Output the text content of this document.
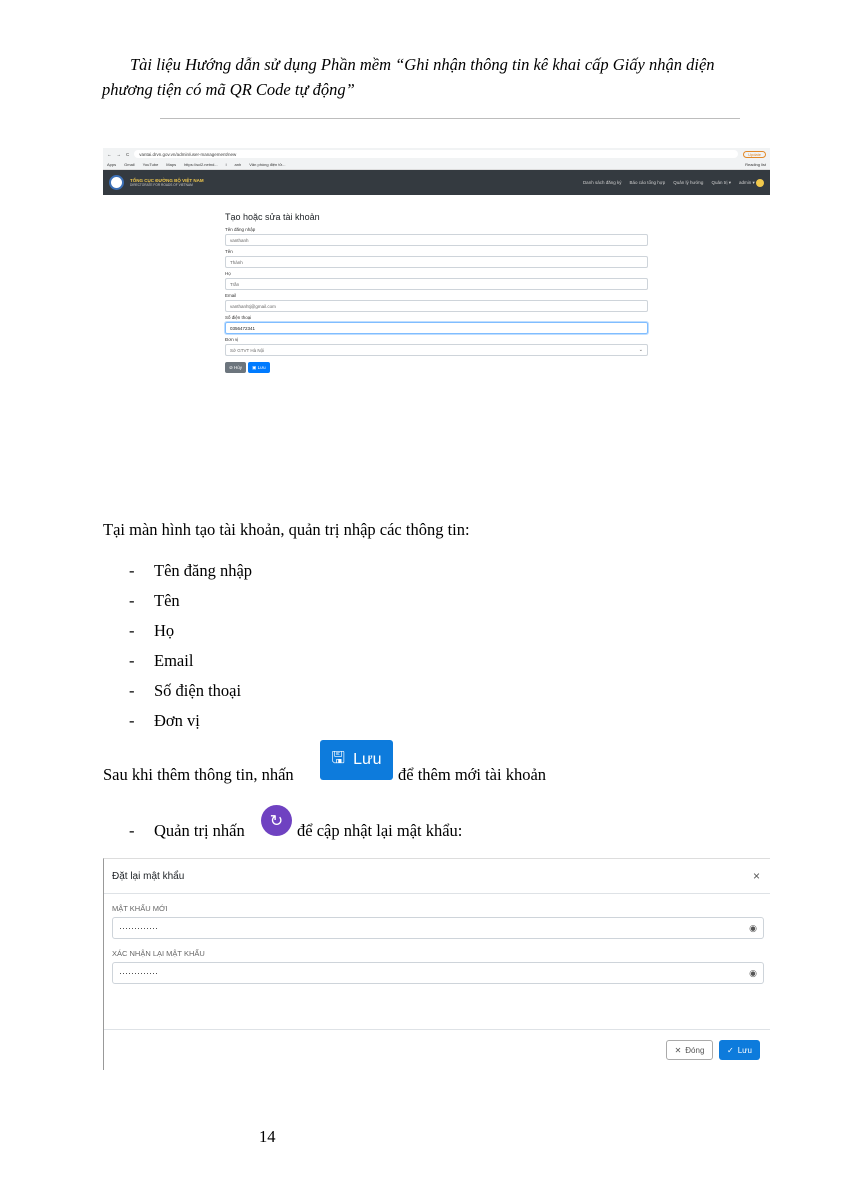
Tài liệu Hướng dẫn sử dụng Phần mềm “Ghi nhận thông tin kê khai cấp Giấy nhận diện phương tiện có mã QR Code tự động”
← → C	vantai.drvn.gov.vn/admin/user-management/new	Update
Apps Gmail YouTube Maps https://scl2.netnd... l anh Văn phòng điện tử...	Reading list
TỔNG CỤC ĐƯỜNG BỘ VIỆT NAM
DIRECTORATE FOR ROADS OF VIETNAM	Danh sách đăng ký Báo cáo tổng hợp Quản lý hướng Quản trị ▾ admin ▾
Tạo hoặc sửa tài khoản
Tên đăng nhập
vanthanh
Tên
Thành
Họ
Trần
Email
vanthanhtj@gmail.com
Số điện thoại
0356472341
Đơn vị
Sở GTVT Hà Nội	⌄
⊘ Hủy ▣ Lưu
Tại màn hình tạo tài khoản, quản trị nhập các thông tin:
- Tên đăng nhập
- Tên
- Họ
- Email
- Số điện thoại
- Đơn vị
Sau khi thêm thông tin, nhấn
🖫 Lưu
để thêm mới tài khoản
- Quản trị nhấn
↻
để cập nhật lại mật khẩu:
Đặt lại mật khẩu	×
MẬT KHẨU MỚI
·············	◉
XÁC NHẬN LẠI MẬT KHẨU
·············	◉
✕ Đóng	✓ Lưu
14
